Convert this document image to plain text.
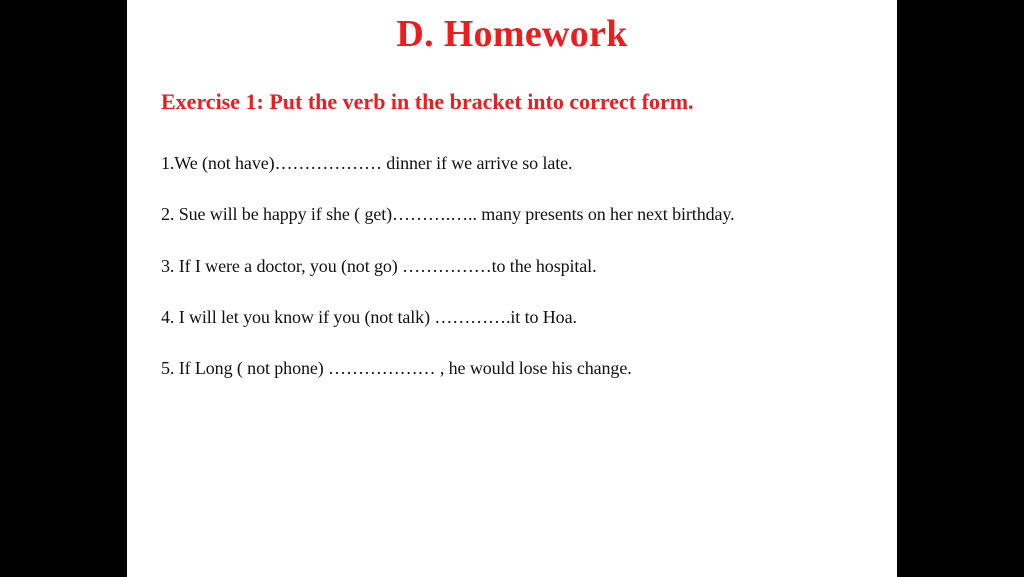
D. Homework
Exercise 1: Put the verb in the bracket into correct form.
1.We (not have)……………… dinner if we arrive so late.
2. Sue will be happy if she ( get)……….….. many presents on her next birthday.
3. If I were a doctor, you (not go) ……………to the hospital.
4. I will let you know if you (not talk) ………….it to Hoa.
5. If Long ( not phone) ……………… , he would lose his change.
